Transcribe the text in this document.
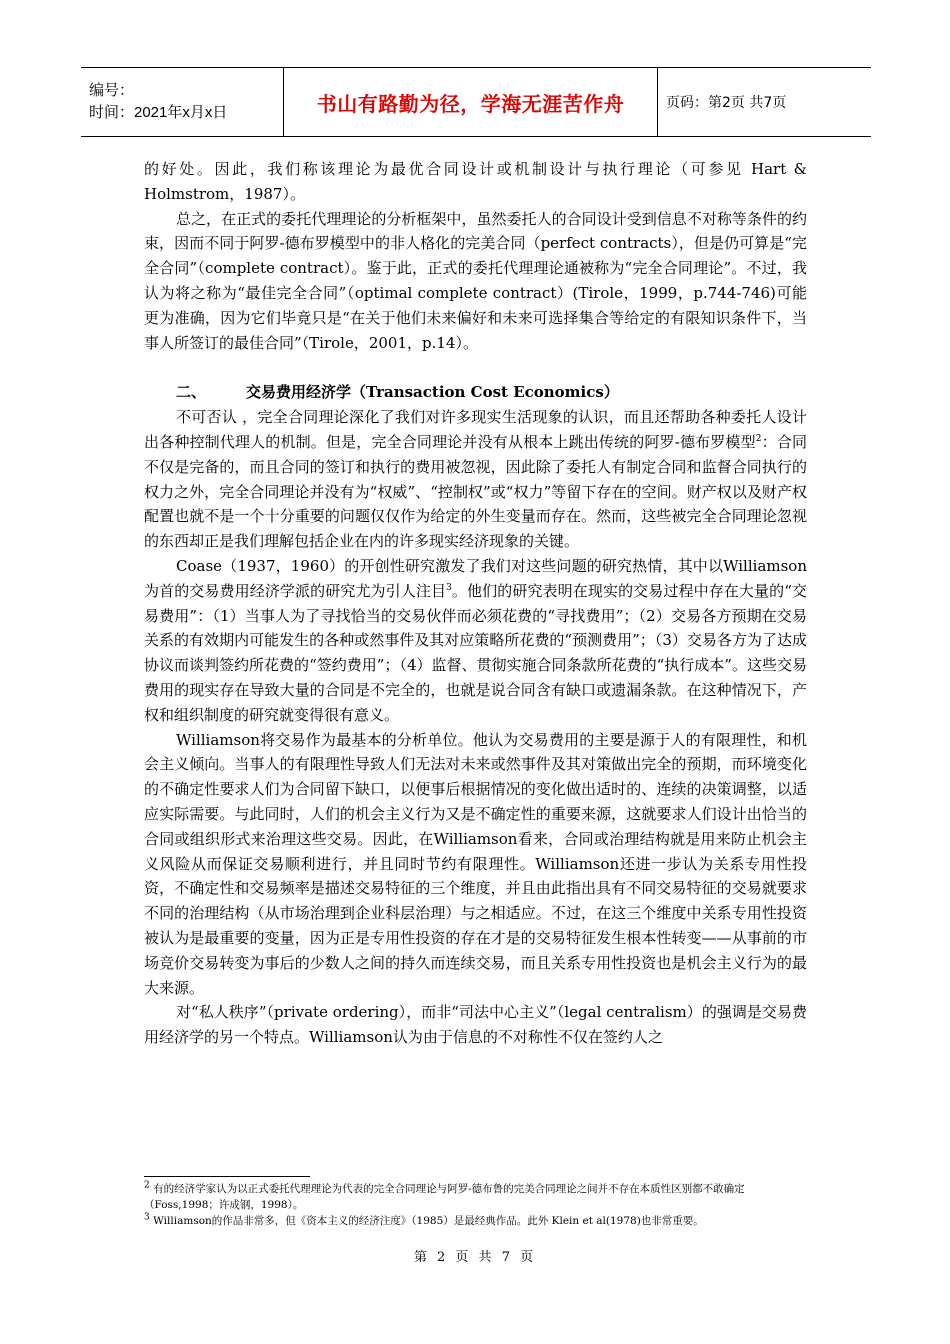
编号：
时间：2021年x月x日	书山有路勤为径，学海无涯苦作舟	页码：第2页 共7页

的好处。因此，我们称该理论为最优合同设计或机制设计与执行理论（可参见 Hart & Holmstrom，1987）。

总之，在正式的委托代理理论的分析框架中，虽然委托人的合同设计受到信息不对称等条件的约束，因而不同于阿罗-德布罗模型中的非人格化的完美合同（perfect contracts），但是仍可算是“完全合同”（complete contract）。鉴于此，正式的委托代理理论通被称为“完全合同理论”。不过，我认为将之称为“最佳完全合同”（optimal complete contract）(Tirole，1999，p.744-746)可能更为准确，因为它们毕竟只是“在关于他们未来偏好和未来可选择集合等给定的有限知识条件下，当事人所签订的最佳合同”（Tirole，2001，p.14）。

二、	交易费用经济学（Transaction Cost Economics）

不可否认 ，完全合同理论深化了我们对许多现实生活现象的认识，而且还帮助各种委托人设计出各种控制代理人的机制。但是，完全合同理论并没有从根本上跳出传统的阿罗-德布罗模型$^2$：合同不仅是完备的，而且合同的签订和执行的费用被忽视，因此除了委托人有制定合同和监督合同执行的权力之外，完全合同理论并没有为“权威”、“控制权”或“权力”等留下存在的空间。财产权以及财产权配置也就不是一个十分重要的问题仅仅作为给定的外生变量而存在。然而，这些被完全合同理论忽视的东西却正是我们理解包括企业在内的许多现实经济现象的关键。

Coase（1937，1960）的开创性研究激发了我们对这些问题的研究热情，其中以Williamson为首的交易费用经济学派的研究尤为引人注目$^3$。他们的研究表明在现实的交易过程中存在大量的“交易费用”：（1）当事人为了寻找恰当的交易伙伴而必须花费的“寻找费用”；（2）交易各方预期在交易关系的有效期内可能发生的各种或然事件及其对应策略所花费的“预测费用”；（3）交易各方为了达成协议而谈判签约所花费的“签约费用”；（4）监督、贯彻实施合同条款所花费的“执行成本”。这些交易费用的现实存在导致大量的合同是不完全的，也就是说合同含有缺口或遗漏条款。在这种情况下，产权和组织制度的研究就变得很有意义。

Williamson将交易作为最基本的分析单位。他认为交易费用的主要是源于人的有限理性，和机会主义倾向。当事人的有限理性导致人们无法对未来或然事件及其对策做出完全的预期，而环境变化的不确定性要求人们为合同留下缺口，以便事后根据情况的变化做出适时的、连续的决策调整，以适应实际需要。与此同时，人们的机会主义行为又是不确定性的重要来源，这就要求人们设计出恰当的合同或组织形式来治理这些交易。因此，在Williamson看来，合同或治理结构就是用来防止机会主义风险从而保证交易顺利进行，并且同时节约有限理性。Williamson还进一步认为关系专用性投资，不确定性和交易频率是描述交易特征的三个维度，并且由此指出具有不同交易特征的交易就要求不同的治理结构（从市场治理到企业科层治理）与之相适应。不过，在这三个维度中关系专用性投资被认为是最重要的变量，因为正是专用性投资的存在才是的交易特征发生根本性转变——从事前的市场竞价交易转变为事后的少数人之间的持久而连续交易，而且关系专用性投资也是机会主义行为的最大来源。

对“私人秩序”（private ordering），而非“司法中心主义”（legal centralism）的强调是交易费用经济学的另一个特点。Williamson认为由于信息的不对称性不仅在签约人之

$^2$ 有的经济学家认为以正式委托代理理论为代表的完全合同理论与阿罗-德布鲁的完美合同理论之间并不存在本质性区别都不敢确定（Foss,1998；许成钢，1998）。

$^3$ Williamson的作品非常多，但《资本主义的经济注度》（1985）是最经典作品。此外 Klein et al(1978)也非常重要。

第 2 页 共 7 页
